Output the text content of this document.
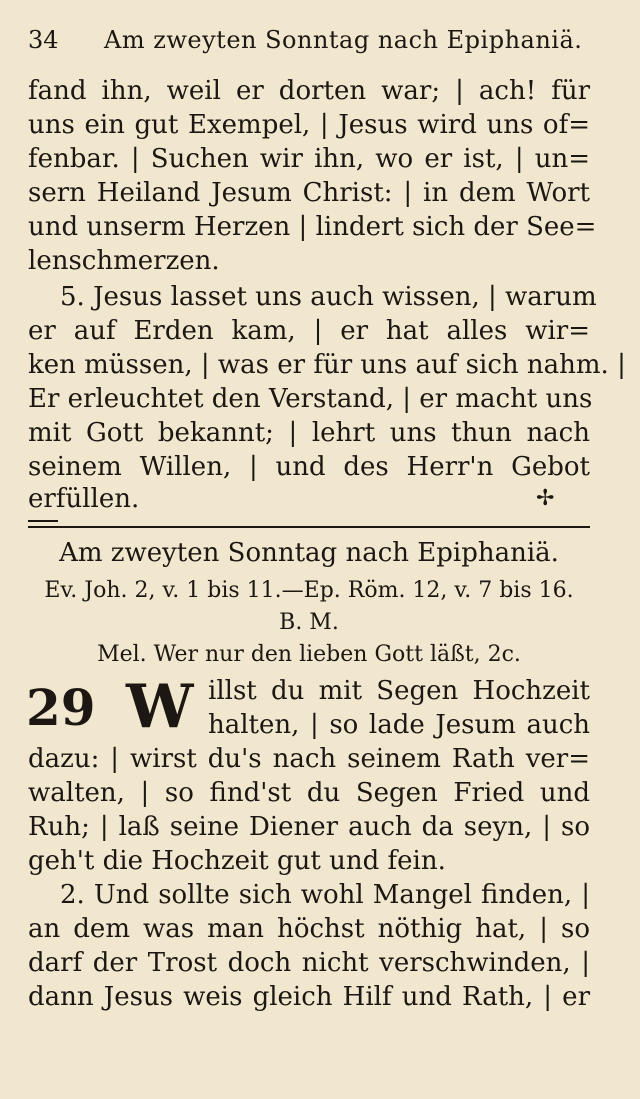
34 Am zweyten Sonntag nach Epiphaniä.
fand ihn, weil er dorten war; | ach! für
uns ein gut Exempel, | Jesus wird uns of=
fenbar. | Suchen wir ihn, wo er ist, | un=
sern Heiland Jesum Christ: | in dem Wort
und unserm Herzen | lindert sich der See=
lenschmerzen.
5. Jesus lasset uns auch wissen, | warum
er auf Erden kam, | er hat alles wir=
ken müssen, | was er für uns auf sich nahm. |
Er erleuchtet den Verstand, | er macht uns
mit Gott bekannt; | lehrt uns thun nach
seinem Willen, | und des Herr'n Gebot
erfüllen.	✢
Am zweyten Sonntag nach Epiphaniä.
Ev. Joh. 2, v. 1 bis 11.—Ep. Röm. 12, v. 7 bis 16.
B. M.
Mel. Wer nur den lieben Gott läßt, 2c.
29 W illst du mit Segen Hochzeit
halten, | so lade Jesum auch
dazu: | wirst du's nach seinem Rath ver=
walten, | so find'st du Segen Fried und
Ruh; | laß seine Diener auch da seyn, | so
geh't die Hochzeit gut und fein.
2. Und sollte sich wohl Mangel finden, |
an dem was man höchst nöthig hat, | so
darf der Trost doch nicht verschwinden, |
dann Jesus weis gleich Hilf und Rath, | er
